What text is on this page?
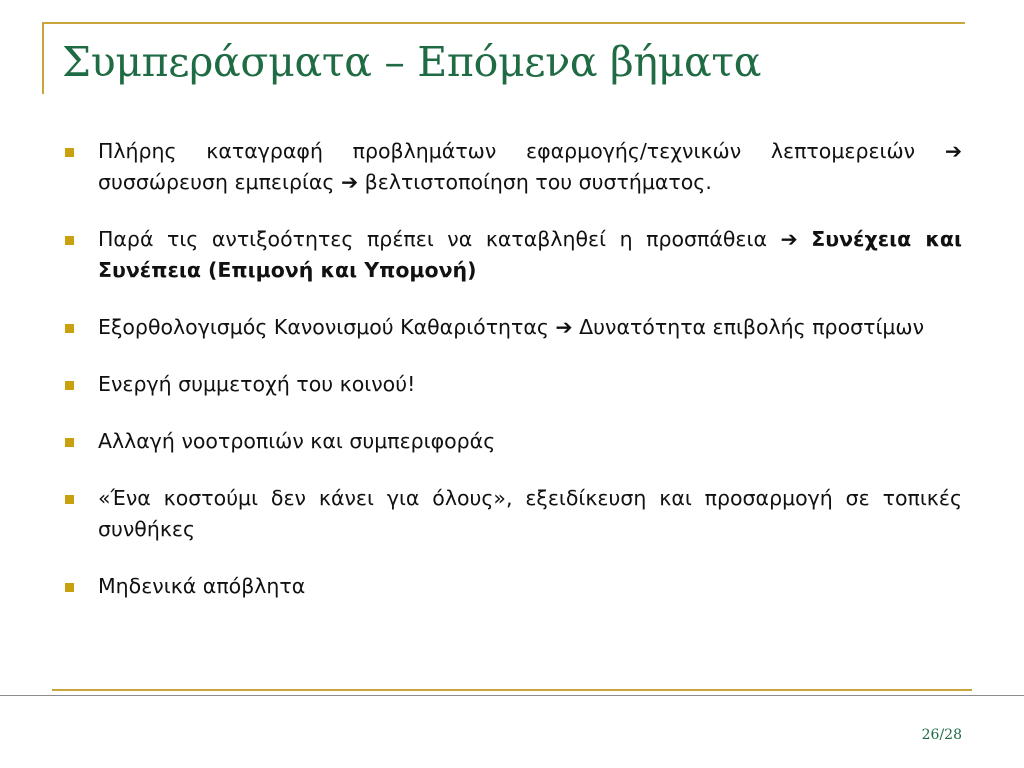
Συμπεράσματα – Επόμενα βήματα
Πλήρης καταγραφή προβλημάτων εφαρμογής/τεχνικών λεπτομερειών ➔ συσσώρευση εμπειρίας ➔ βελτιστοποίηση του συστήματος.
Παρά τις αντιξοότητες πρέπει να καταβληθεί η προσπάθεια ➔ Συνέχεια και Συνέπεια (Επιμονή και Υπομονή)
Εξορθολογισμός Κανονισμού Καθαριότητας ➔ Δυνατότητα επιβολής προστίμων
Ενεργή συμμετοχή του κοινού!
Αλλαγή νοοτροπιών και συμπεριφοράς
«Ένα κοστούμι δεν κάνει για όλους», εξειδίκευση και προσαρμογή σε τοπικές συνθήκες
Μηδενικά απόβλητα
26/28
